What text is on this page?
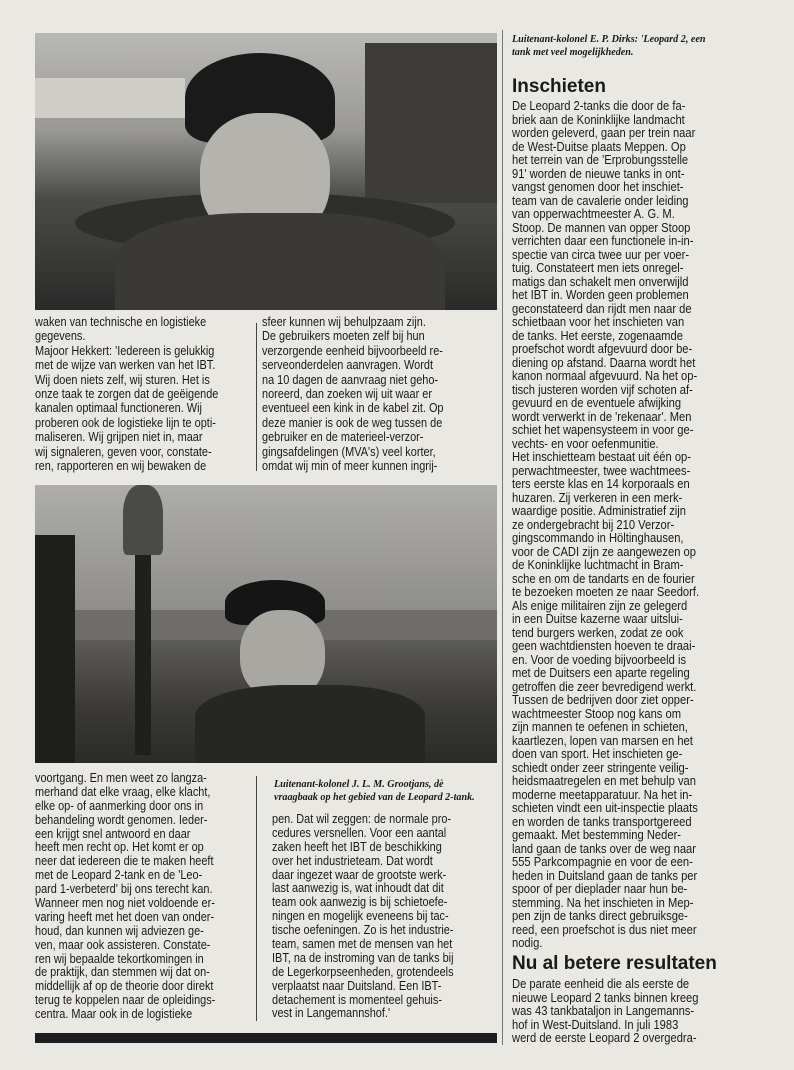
Luitenant-kolonel E. P. Dirks: 'Leopard 2, een
tank met veel mogelijkheden.
waken van technische en logistieke
gegevens.
Majoor Hekkert: 'Iedereen is gelukkig
met de wijze van werken van het IBT.
Wij doen niets zelf, wij sturen. Het is
onze taak te zorgen dat de geëigende
kanalen optimaal functioneren. Wij
proberen ook de logistieke lijn te opti-
maliseren. Wij grijpen niet in, maar
wij signaleren, geven voor, constate-
ren, rapporteren en wij bewaken de
sfeer kunnen wij behulpzaam zijn.
De gebruikers moeten zelf bij hun
verzorgende eenheid bijvoorbeeld re-
serveonderdelen aanvragen. Wordt
na 10 dagen de aanvraag niet geho-
noreerd, dan zoeken wij uit waar er
eventueel een kink in de kabel zit. Op
deze manier is ook de weg tussen de
gebruiker en de materieel-verzor-
gingsafdelingen (MVA's) veel korter,
omdat wij min of meer kunnen ingrij-
voortgang. En men weet zo langza-
merhand dat elke vraag, elke klacht,
elke op- of aanmerking door ons in
behandeling wordt genomen. Ieder-
een krijgt snel antwoord en daar
heeft men recht op. Het komt er op
neer dat iedereen die te maken heeft
met de Leopard 2-tank en de 'Leo-
pard 1-verbeterd' bij ons terecht kan.
Wanneer men nog niet voldoende er-
varing heeft met het doen van onder-
houd, dan kunnen wij adviezen ge-
ven, maar ook assisteren. Constate-
ren wij bepaalde tekortkomingen in
de praktijk, dan stemmen wij dat on-
middellijk af op de theorie door direkt
terug te koppelen naar de opleidings-
centra. Maar ook in de logistieke
Luitenant-kolonel J. L. M. Grootjans, dè
vraagbaak op het gebied van de Leopard 2-tank.
pen. Dat wil zeggen: de normale pro-
cedures versnellen. Voor een aantal
zaken heeft het IBT de beschikking
over het industrieteam. Dat wordt
daar ingezet waar de grootste werk-
last aanwezig is, wat inhoudt dat dit
team ook aanwezig is bij schietoefe-
ningen en mogelijk eveneens bij tac-
tische oefeningen. Zo is het industrie-
team, samen met de mensen van het
IBT, na de instroming van de tanks bij
de Legerkorpseenheden, grotendeels
verplaatst naar Duitsland. Een IBT-
detachement is momenteel gehuis-
vest in Langemannshof.'
Inschieten
De Leopard 2-tanks die door de fa-
briek aan de Koninklijke landmacht
worden geleverd, gaan per trein naar
de West-Duitse plaats Meppen. Op
het terrein van de 'Erprobungsstelle
91' worden de nieuwe tanks in ont-
vangst genomen door het inschiet-
team van de cavalerie onder leiding
van opperwachtmeester A. G. M.
Stoop. De mannen van opper Stoop
verrichten daar een functionele in-in-
spectie van circa twee uur per voer-
tuig. Constateert men iets onregel-
matigs dan schakelt men onverwijld
het IBT in. Worden geen problemen
geconstateerd dan rijdt men naar de
schietbaan voor het inschieten van
de tanks. Het eerste, zogenaamde
proefschot wordt afgevuurd door be-
diening op afstand. Daarna wordt het
kanon normaal afgevuurd. Na het op-
tisch justeren worden vijf schoten af-
gevuurd en de eventuele afwijking
wordt verwerkt in de 'rekenaar'. Men
schiet het wapensysteem in voor ge-
vechts- en voor oefenmunitie.
Het inschietteam bestaat uit één op-
perwachtmeester, twee wachtmees-
ters eerste klas en 14 korporaals en
huzaren. Zij verkeren in een merk-
waardige positie. Administratief zijn
ze ondergebracht bij 210 Verzor-
gingscommando in Höltinghausen,
voor de CADI zijn ze aangewezen op
de Koninklijke luchtmacht in Bram-
sche en om de tandarts en de fourier
te bezoeken moeten ze naar Seedorf.
Als enige militairen zijn ze gelegerd
in een Duitse kazerne waar uitslui-
tend burgers werken, zodat ze ook
geen wachtdiensten hoeven te draai-
en. Voor de voeding bijvoorbeeld is
met de Duitsers een aparte regeling
getroffen die zeer bevredigend werkt.
Tussen de bedrijven door ziet opper-
wachtmeester Stoop nog kans om
zijn mannen te oefenen in schieten,
kaartlezen, lopen van marsen en het
doen van sport. Het inschieten ge-
schiedt onder zeer stringente veilig-
heidsmaatregelen en met behulp van
moderne meetapparatuur. Na het in-
schieten vindt een uit-inspectie plaats
en worden de tanks transportgereed
gemaakt. Met bestemming Neder-
land gaan de tanks over de weg naar
555 Parkcompagnie en voor de een-
heden in Duitsland gaan de tanks per
spoor of per dieplader naar hun be-
stemming. Na het inschieten in Mep-
pen zijn de tanks direct gebruiksge-
reed, een proefschot is dus niet meer
nodig.
Nu al betere resultaten
De parate eenheid die als eerste de
nieuwe Leopard 2 tanks binnen kreeg
was 43 tankbataljon in Langemanns-
hof in West-Duitsland. In juli 1983
werd de eerste Leopard 2 overgedra-
